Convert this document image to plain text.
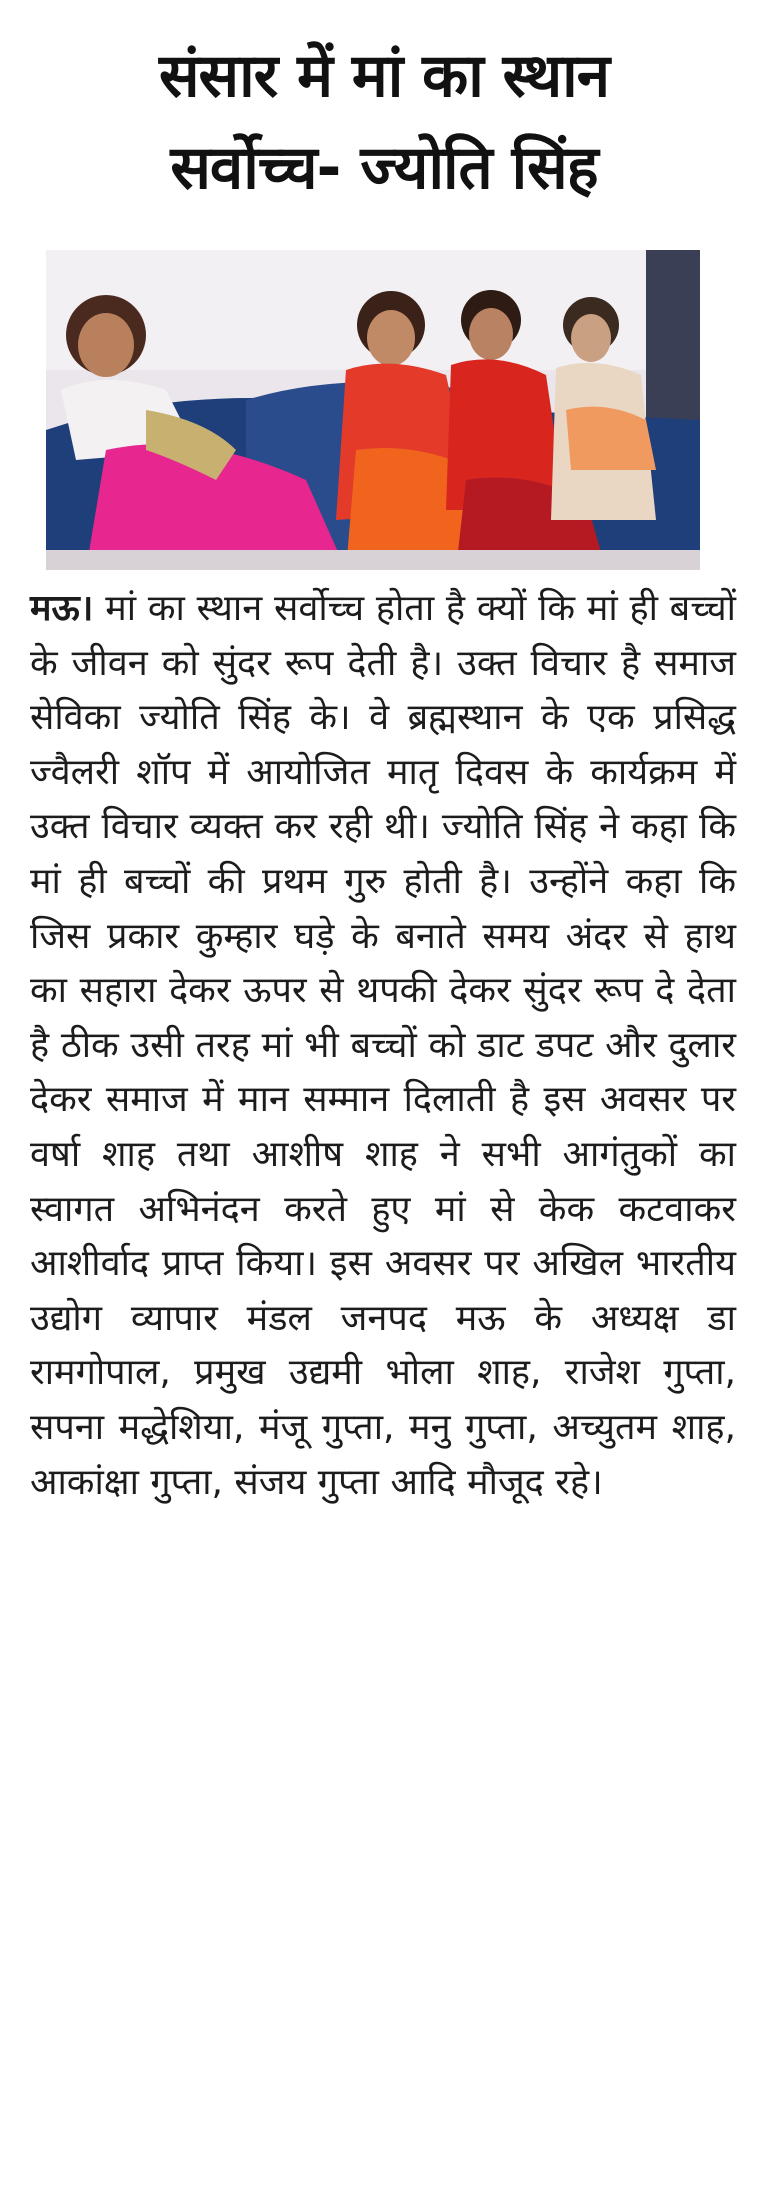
संसार में मां का स्थान
सर्वोच्च- ज्योति सिंह

मऊ। मां का स्थान सर्वोच्च होता है क्यों कि मां ही बच्चों के जीवन को सुंदर रूप देती है। उक्त विचार है समाज सेविका ज्योति सिंह के। वे ब्रह्मस्थान के एक प्रसिद्ध ज्वैलरी शॉप में आयोजित मातृ दिवस के कार्यक्रम में उक्त विचार व्यक्त कर रही थी। ज्योति सिंह ने कहा कि मां ही बच्चों की प्रथम गुरु होती है। उन्होंने कहा कि जिस प्रकार कुम्हार घड़े के बनाते समय अंदर से हाथ का सहारा देकर ऊपर से थपकी देकर सुंदर रूप दे देता है ठीक उसी तरह मां भी बच्चों को डाट डपट और दुलार देकर समाज में मान सम्मान दिलाती है इस अवसर पर वर्षा शाह तथा आशीष शाह ने सभी आगंतुकों का स्वागत अभिनंदन करते हुए मां से केक कटवाकर आशीर्वाद प्राप्त किया। इस अवसर पर अखिल भारतीय उद्योग व्यापार मंडल जनपद मऊ के अध्यक्ष डा रामगोपाल, प्रमुख उद्यमी भोला शाह, राजेश गुप्ता, सपना मद्धेशिया, मंजू गुप्ता, मनु गुप्ता, अच्युतम शाह, आकांक्षा गुप्ता, संजय गुप्ता आदि मौजूद रहे।
